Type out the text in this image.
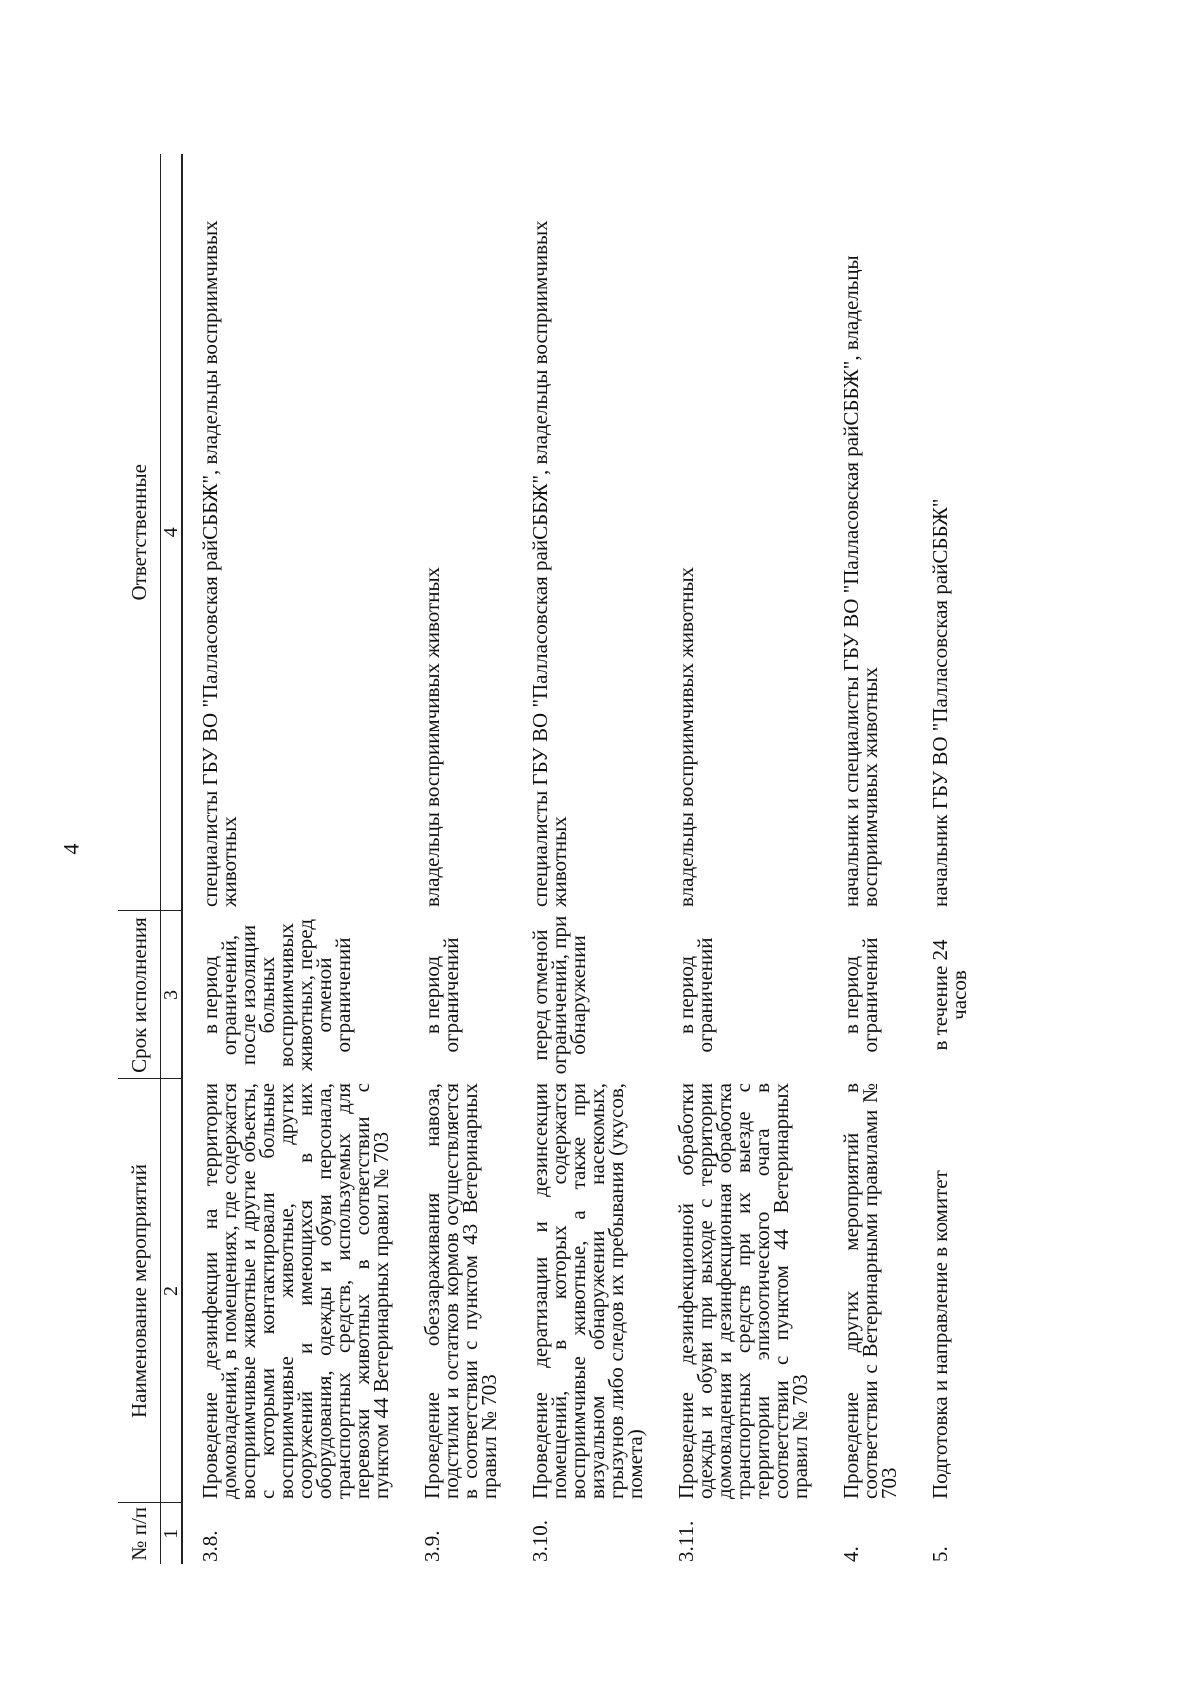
4
№ п/п	Наименование мероприятий	Срок исполнения	Ответственные
1	2	3	4
3.8.	Проведение дезинфекции на территории домовладений, в помещениях, где содержатся восприимчивые животные и другие объекты, с которыми контактировали больные восприимчивые животные, других сооружений и имеющихся в них оборудования, одежды и обуви персонала, транспортных средств, используемых для перевозки животных в соответствии с пунктом 44 Ветеринарных правил № 703	в период ограничений, после изоляции больных восприимчивых животных, перед отменой ограничений	специалисты ГБУ ВО "Палласовская райСББЖ", владельцы восприимчивых животных

3.9.	Проведение обеззараживания навоза, подстилки и остатков кормов осуществляется в соответствии с пунктом 43 Ветеринарных правил № 703	в период ограничений	владельцы восприимчивых животных

3.10.	Проведение дератизации и дезинсекции помещений, в которых содержатся восприимчивые животные, а также при визуальном обнаружении насекомых, грызунов либо следов их пребывания (укусов, помета)	перед отменой ограничений, при обнаружении	специалисты ГБУ ВО "Палласовская райСББЖ", владельцы восприимчивых животных

3.11.	Проведение дезинфекционной обработки одежды и обуви при выходе с территории домовладения и дезинфекционная обработка транспортных средств при их выезде с территории эпизоотического очага в соответствии с пунктом 44 Ветеринарных правил № 703	в период ограничений	владельцы восприимчивых животных

4.	Проведение других мероприятий в соответствии с Ветеринарными правилами № 703	в период ограничений	начальник и специалисты ГБУ ВО "Палласовская райСББЖ", владельцы восприимчивых животных

5.	Подготовка и направление в комитет	в течение 24 часов	начальник ГБУ ВО "Палласовская райСББЖ"
